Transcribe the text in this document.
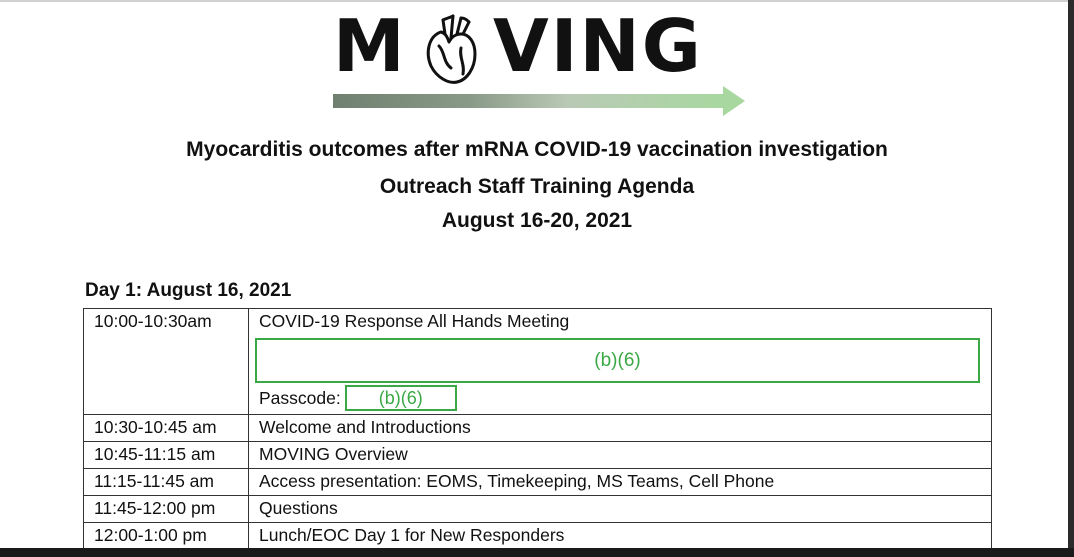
M VING
Myocarditis outcomes after mRNA COVID-19 vaccination investigation
Outreach Staff Training Agenda
August 16-20, 2021
Day 1: August 16, 2021
10:00-10:30am	COVID-19 Response All Hands Meeting
(b)(6)
Passcode: (b)(6)

10:30-10:45 am	Welcome and Introductions
10:45-11:15 am	MOVING Overview
11:15-11:45 am	Access presentation: EOMS, Timekeeping, MS Teams, Cell Phone
11:45-12:00 pm	Questions
12:00-1:00 pm	Lunch/EOC Day 1 for New Responders
